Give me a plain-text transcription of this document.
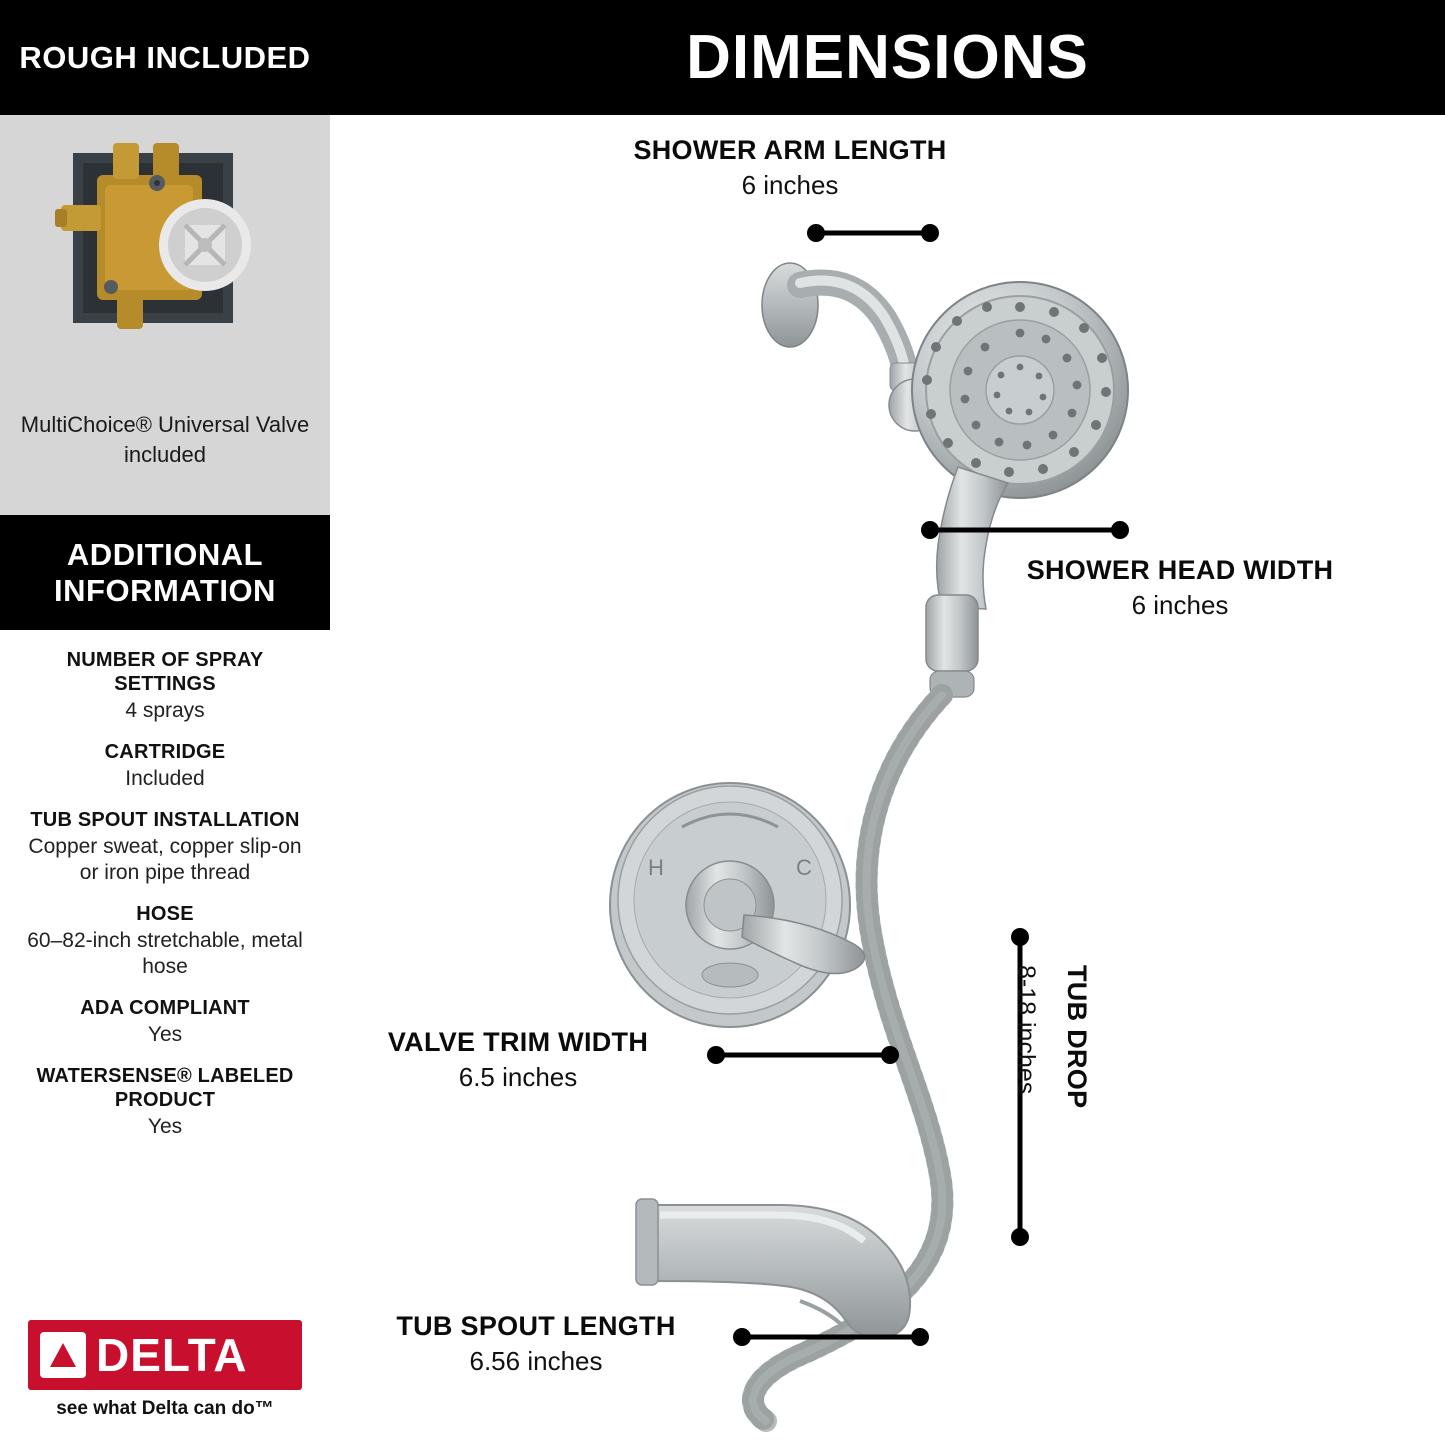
ROUGH INCLUDED
MultiChoice® Universal Valve included
ADDITIONAL
INFORMATION
NUMBER OF SPRAY SETTINGS
4 sprays
CARTRIDGE
Included
TUB SPOUT INSTALLATION
Copper sweat, copper slip-on or iron pipe thread
HOSE
60–82-inch stretchable, metal hose
ADA COMPLIANT
Yes
WATERSENSE® LABELED PRODUCT
Yes
DELTA
see what Delta can do™
DIMENSIONS
H	C
SHOWER ARM LENGTH
6 inches
SHOWER HEAD WIDTH
6 inches
8-18 inches TUB DROP
VALVE TRIM WIDTH
6.5 inches
TUB SPOUT LENGTH
6.56 inches
